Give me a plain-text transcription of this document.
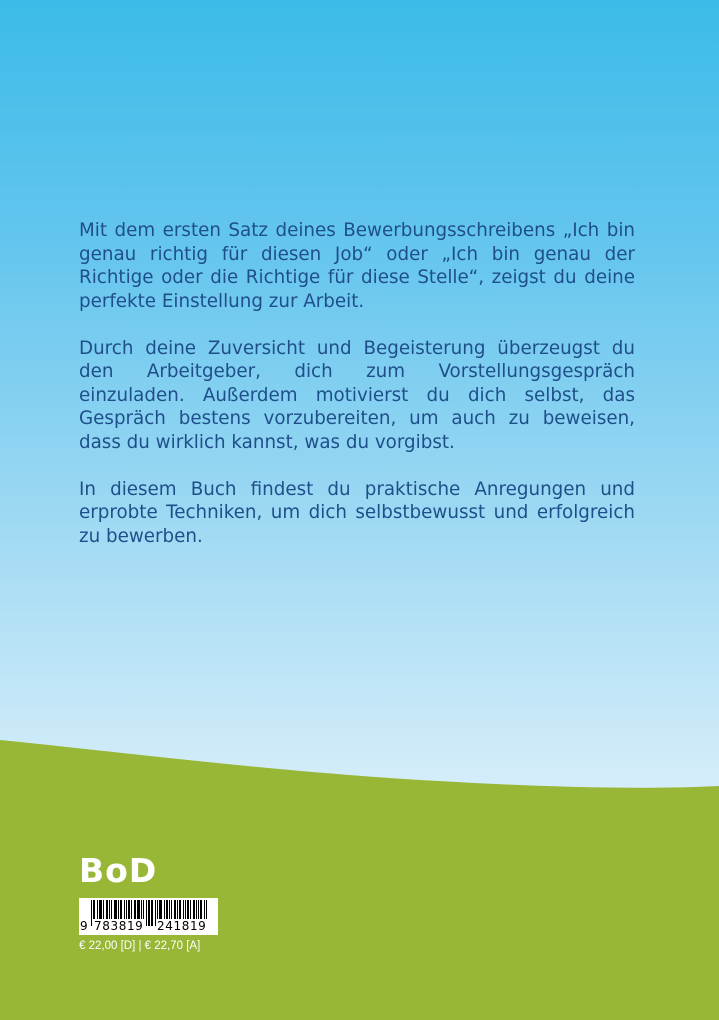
Mit dem ersten Satz deines Bewerbungsschreibens „Ich bin genau richtig für diesen Job“ oder „Ich bin genau der Richtige oder die Richtige für diese Stelle“, zeigst du deine perfekte Einstellung zur Arbeit.

Durch deine Zuversicht und Begeisterung überzeugst du den Arbeitgeber, dich zum Vorstellungsgespräch einzuladen. Außerdem motivierst du dich selbst, das Gespräch bestens vorzubereiten, um auch zu beweisen, dass du wirklich kannst, was du vorgibst.

In diesem Buch findest du praktische Anregungen und erprobte Techniken, um dich selbstbewusst und erfolgreich zu bewerben.

BoD
9 783819 241819
€ 22,00 [D] | € 22,70 [A]
